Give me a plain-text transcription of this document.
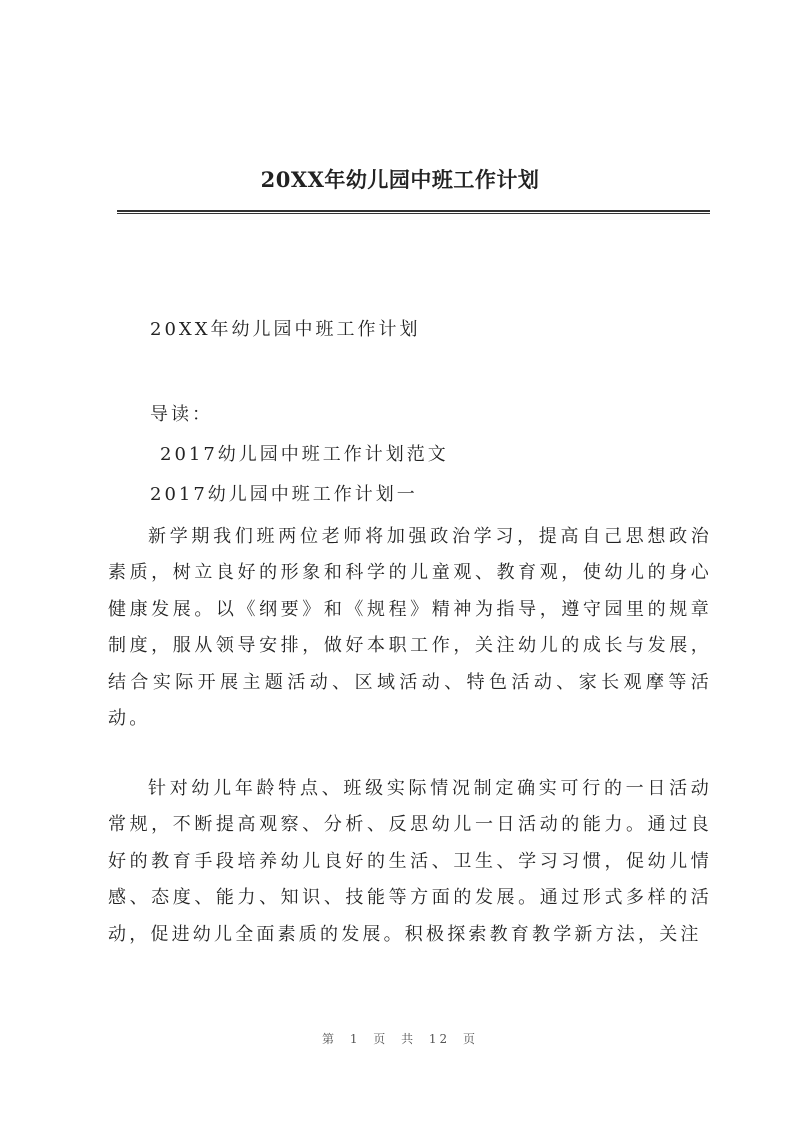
20XX年幼儿园中班工作计划
20XX年幼儿园中班工作计划
导读：
2017幼儿园中班工作计划范文
2017幼儿园中班工作计划一
新学期我们班两位老师将加强政治学习，提高自己思想政治素质，树立良好的形象和科学的儿童观、教育观，使幼儿的身心健康发展。以《纲要》和《规程》精神为指导，遵守园里的规章制度，服从领导安排，做好本职工作，关注幼儿的成长与发展，结合实际开展主题活动、区域活动、特色活动、家长观摩等活动。
针对幼儿年龄特点、班级实际情况制定确实可行的一日活动常规，不断提高观察、分析、反思幼儿一日活动的能力。通过良好的教育手段培养幼儿良好的生活、卫生、学习习惯，促幼儿情感、态度、能力、知识、技能等方面的发展。通过形式多样的活动，促进幼儿全面素质的发展。积极探索教育教学新方法，关注
第 1 页 共 12 页
